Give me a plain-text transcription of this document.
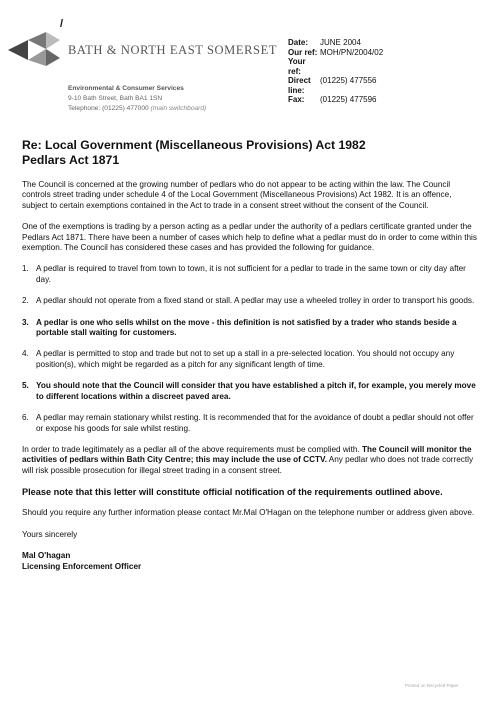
/
BATH & NORTH EAST SOMERSET
Date:	JUNE 2004
Our ref: MOH/PN/2004/02
Your ref:
Direct line:
(01225) 477556
Fax:	(01225) 477596
Environmental & Consumer Services
9-10 Bath Street, Bath BA1 1SN
Telephone: (01225) 477000 (main switchboard)
Re: Local Government (Miscellaneous Provisions) Act 1982
Pedlars Act 1871

The Council is concerned at the growing number of pedlars who do not appear to be acting within the law. The Council controls street trading under schedule 4 of the Local Government (Miscellaneous Provisions) Act 1982. It is an offence, subject to certain exemptions contained in the Act to trade in a consent street without the consent of the Council.

One of the exemptions is trading by a person acting as a pedlar under the authority of a pedlars certificate granted under the Pedlars Act 1871. There have been a number of cases which help to define what a pedlar must do in order to come within this exemption. The Council has considered these cases and has provided the following for guidance.

1. A pedlar is required to travel from town to town, it is not sufficient for a pedlar to trade in the same town or city day after day.
2. A pedlar should not operate from a fixed stand or stall. A pedlar may use a wheeled trolley in order to transport his goods.
3. A pedlar is one who sells whilst on the move - this definition is not satisfied by a trader who stands beside a portable stall waiting for customers.
4. A pedlar is permitted to stop and trade but not to set up a stall in a pre-selected location. You should not occupy any position(s), which might be regarded as a pitch for any significant length of time.
5. You should note that the Council will consider that you have established a pitch if, for example, you merely move to different locations within a discreet paved area.
6. A pedlar may remain stationary whilst resting. It is recommended that for the avoidance of doubt a pedlar should not offer or expose his goods for sale whilst resting.

In order to trade legitimately as a pedlar all of the above requirements must be complied with. The Council will monitor the activities of pedlars within Bath City Centre; this may include the use of CCTV. Any pedlar who does not trade correctly will risk possible prosecution for illegal street trading in a consent street.

Please note that this letter will constitute official notification of the requirements outlined above.

Should you require any further information please contact Mr.Mal O'Hagan on the telephone number or address given above.

Yours sincerely

Mal O'hagan
Licensing Enforcement Officer
Printed on Recycled Paper
